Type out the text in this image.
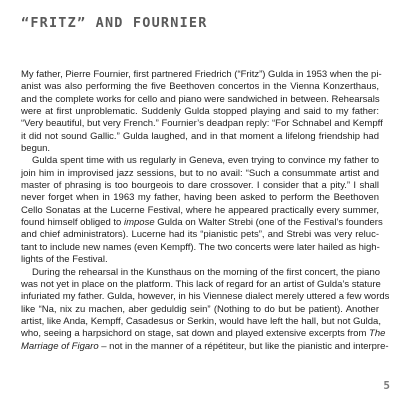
“FRITZ” AND FOURNIER

My father, Pierre Fournier, first partnered Friedrich (“Fritz”) Gulda in 1953 when the pi-
anist was also performing the five Beethoven concertos in the Vienna Konzerthaus,
and the complete works for cello and piano were sandwiched in between. Rehearsals
were at first unproblematic. Suddenly Gulda stopped playing and said to my father:
“Very beautiful, but very French.” Fournier’s deadpan reply: “For Schnabel and Kempff
it did not sound Gallic.” Gulda laughed, and in that moment a lifelong friendship had
begun.

Gulda spent time with us regularly in Geneva, even trying to convince my father to
join him in improvised jazz sessions, but to no avail: “Such a consummate artist and
master of phrasing is too bourgeois to dare crossover. I consider that a pity.” I shall
never forget when in 1963 my father, having been asked to perform the Beethoven
Cello Sonatas at the Lucerne Festival, where he appeared practically every summer,
found himself obliged to impose Gulda on Walter Strebi (one of the Festival’s founders
and chief administrators). Lucerne had its “pianistic pets”, and Strebi was very reluc-
tant to include new names (even Kempff). The two concerts were later hailed as high-
lights of the Festival.

During the rehearsal in the Kunsthaus on the morning of the first concert, the piano
was not yet in place on the platform. This lack of regard for an artist of Gulda’s stature
infuriated my father. Gulda, however, in his Viennese dialect merely uttered a few words
like “Na, nix zu machen, aber geduldig sein” (Nothing to do but be patient). Another
artist, like Anda, Kempff, Casadesus or Serkin, would have left the hall, but not Gulda,
who, seeing a harpsichord on stage, sat down and played extensive excerpts from The
Marriage of Figaro – not in the manner of a répétiteur, but like the pianistic and interpre-

5
